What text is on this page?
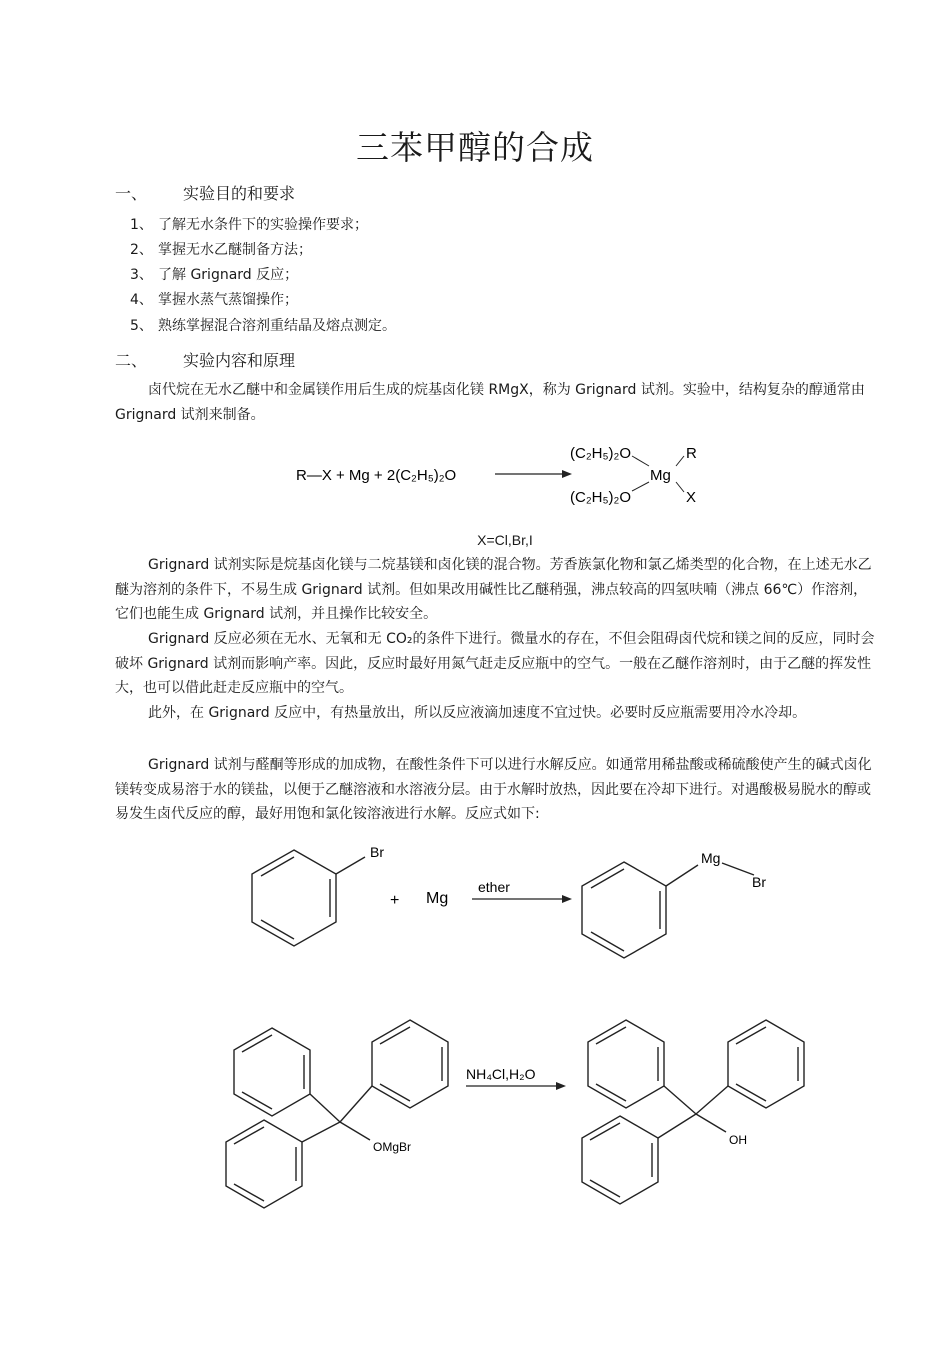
三苯甲醇的合成
一、 实验目的和要求
1、 了解无水条件下的实验操作要求；
2、 掌握无水乙醚制备方法；
3、 了解 Grignard 反应；
4、 掌握水蒸气蒸馏操作；
5、 熟练掌握混合溶剂重结晶及熔点测定。
二、 实验内容和原理
卤代烷在无水乙醚中和金属镁作用后生成的烷基卤化镁 RMgX，称为 Grignard 试剂。实验中，结构复杂的醇通常由 Grignard 试剂来制备。
R—X + Mg + 2(C₂H₅)₂O
(C₂H₅)₂O
(C₂H₅)₂O
Mg
R
X
X=Cl,Br,I
Grignard 试剂实际是烷基卤化镁与二烷基镁和卤化镁的混合物。芳香族氯化物和氯乙烯类型的化合物，在上述无水乙醚为溶剂的条件下，不易生成 Grignard 试剂。但如果改用碱性比乙醚稍强，沸点较高的四氢呋喃（沸点 66℃）作溶剂，它们也能生成 Grignard 试剂，并且操作比较安全。
Grignard 反应必须在无水、无氧和无 CO₂的条件下进行。微量水的存在，不但会阻碍卤代烷和镁之间的反应，同时会破坏 Grignard 试剂而影响产率。因此，反应时最好用氮气赶走反应瓶中的空气。一般在乙醚作溶剂时，由于乙醚的挥发性大，也可以借此赶走反应瓶中的空气。
此外，在 Grignard 反应中，有热量放出，所以反应液滴加速度不宜过快。必要时反应瓶需要用冷水冷却。
Grignard 试剂与醛酮等形成的加成物，在酸性条件下可以进行水解反应。如通常用稀盐酸或稀硫酸使产生的碱式卤化镁转变成易溶于水的镁盐，以便于乙醚溶液和水溶液分层。由于水解时放热，因此要在冷却下进行。对遇酸极易脱水的醇或易发生卤代反应的醇，最好用饱和氯化铵溶液进行水解。反应式如下:
Br
+ Mg
ether
Mg
Br
OMgBr
NH₄Cl,H₂O
OH
